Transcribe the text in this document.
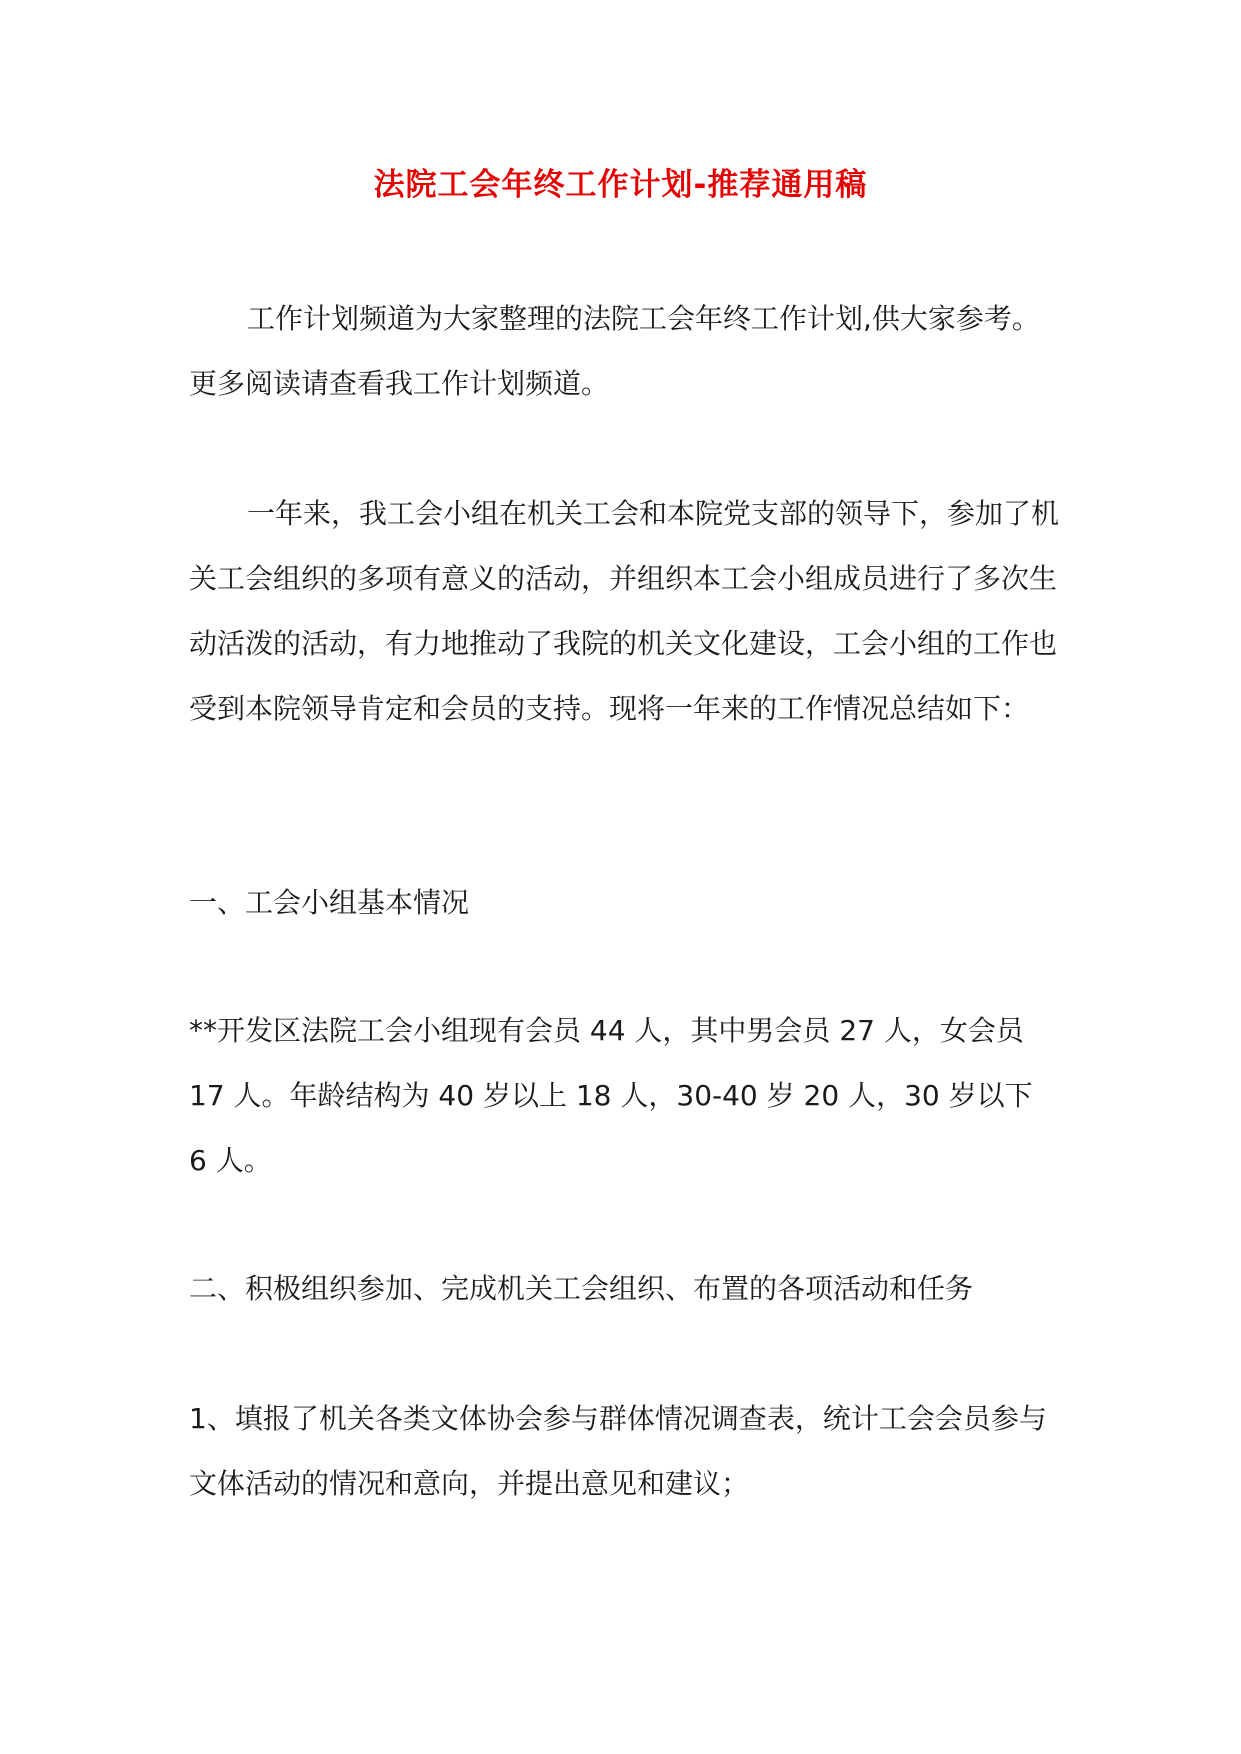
法院工会年终工作计划-推荐通用稿

工作计划频道为大家整理的法院工会年终工作计划,供大家参考。更多阅读请查看我工作计划频道。

一年来，我工会小组在机关工会和本院党支部的领导下，参加了机关工会组织的多项有意义的活动，并组织本工会小组成员进行了多次生动活泼的活动，有力地推动了我院的机关文化建设，工会小组的工作也受到本院领导肯定和会员的支持。现将一年来的工作情况总结如下：

一、工会小组基本情况

**开发区法院工会小组现有会员 44 人，其中男会员 27 人，女会员 17 人。年龄结构为 40 岁以上 18 人，30-40 岁 20 人，30 岁以下 6 人。

二、积极组织参加、完成机关工会组织、布置的各项活动和任务

1、填报了机关各类文体协会参与群体情况调查表，统计工会会员参与文体活动的情况和意向，并提出意见和建议；
